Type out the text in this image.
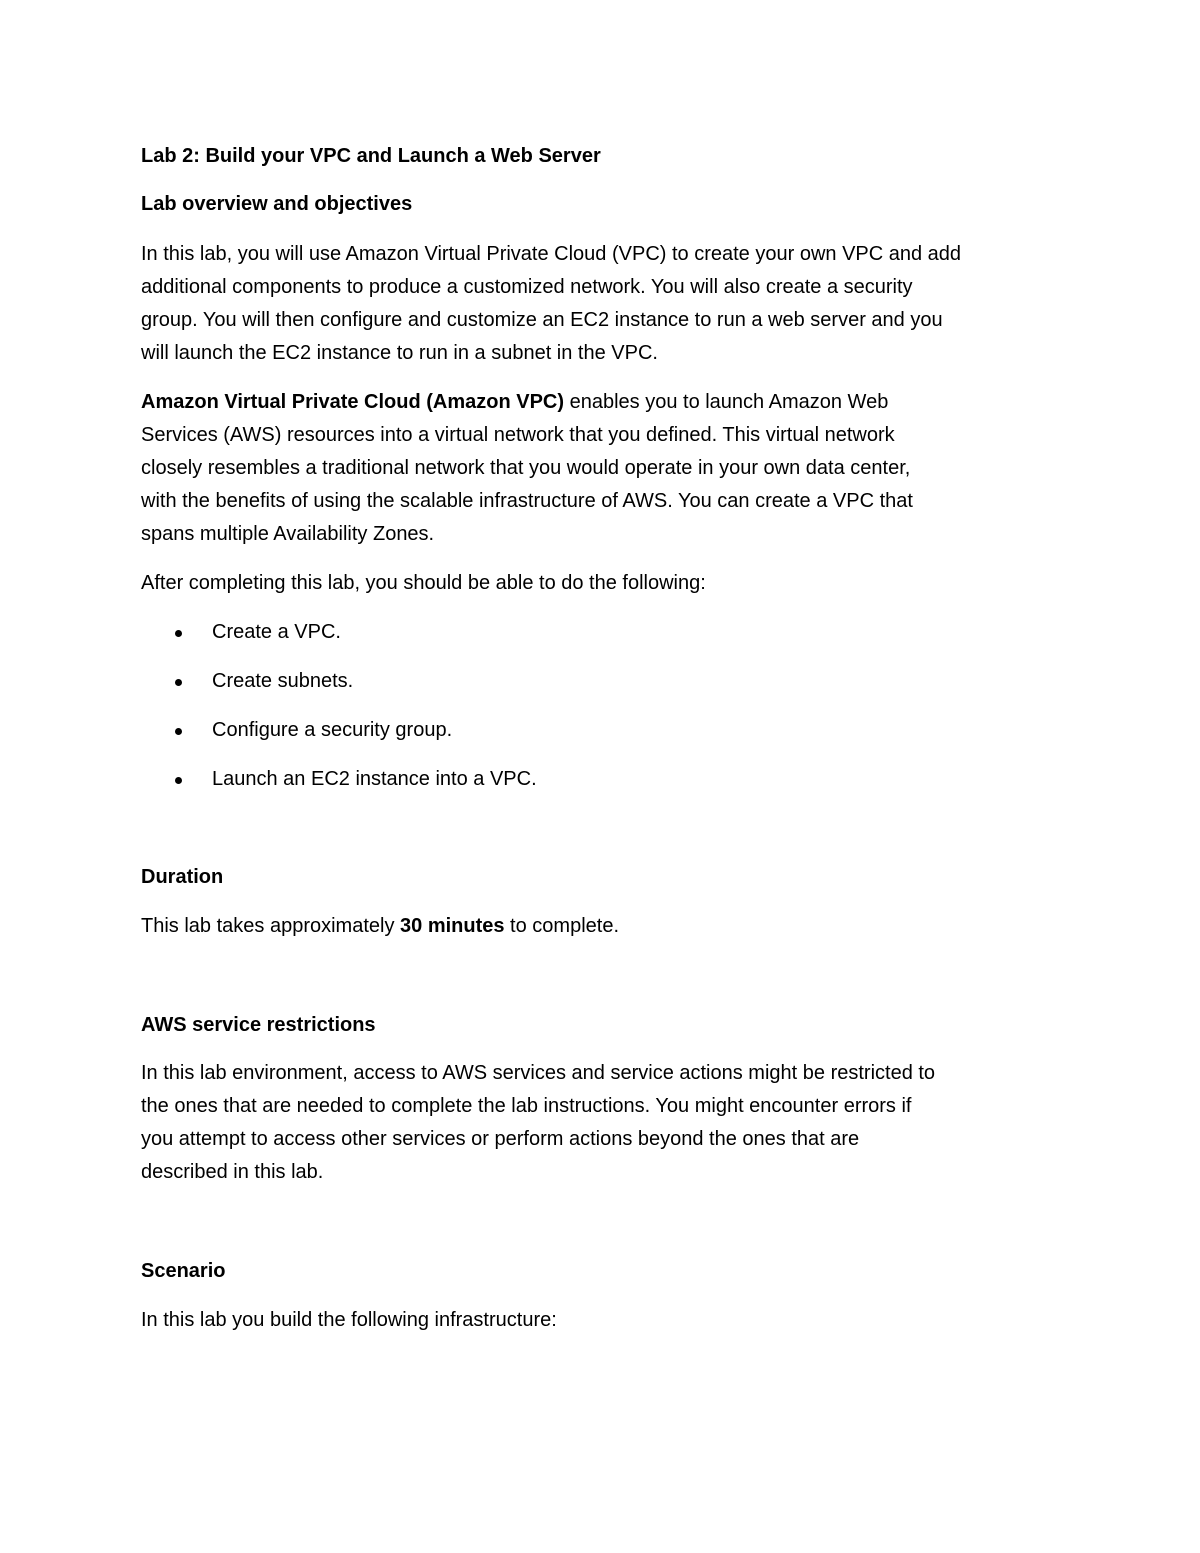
Lab 2: Build your VPC and Launch a Web Server
Lab overview and objectives
In this lab, you will use Amazon Virtual Private Cloud (VPC) to create your own VPC and add
additional components to produce a customized network. You will also create a security
group. You will then configure and customize an EC2 instance to run a web server and you
will launch the EC2 instance to run in a subnet in the VPC.
Amazon Virtual Private Cloud (Amazon VPC) enables you to launch Amazon Web
Services (AWS) resources into a virtual network that you defined. This virtual network
closely resembles a traditional network that you would operate in your own data center,
with the benefits of using the scalable infrastructure of AWS. You can create a VPC that
spans multiple Availability Zones.
After completing this lab, you should be able to do the following:
Create a VPC.
Create subnets.
Configure a security group.
Launch an EC2 instance into a VPC.
Duration
This lab takes approximately 30 minutes to complete.
AWS service restrictions
In this lab environment, access to AWS services and service actions might be restricted to
the ones that are needed to complete the lab instructions. You might encounter errors if
you attempt to access other services or perform actions beyond the ones that are
described in this lab.
Scenario
In this lab you build the following infrastructure:
